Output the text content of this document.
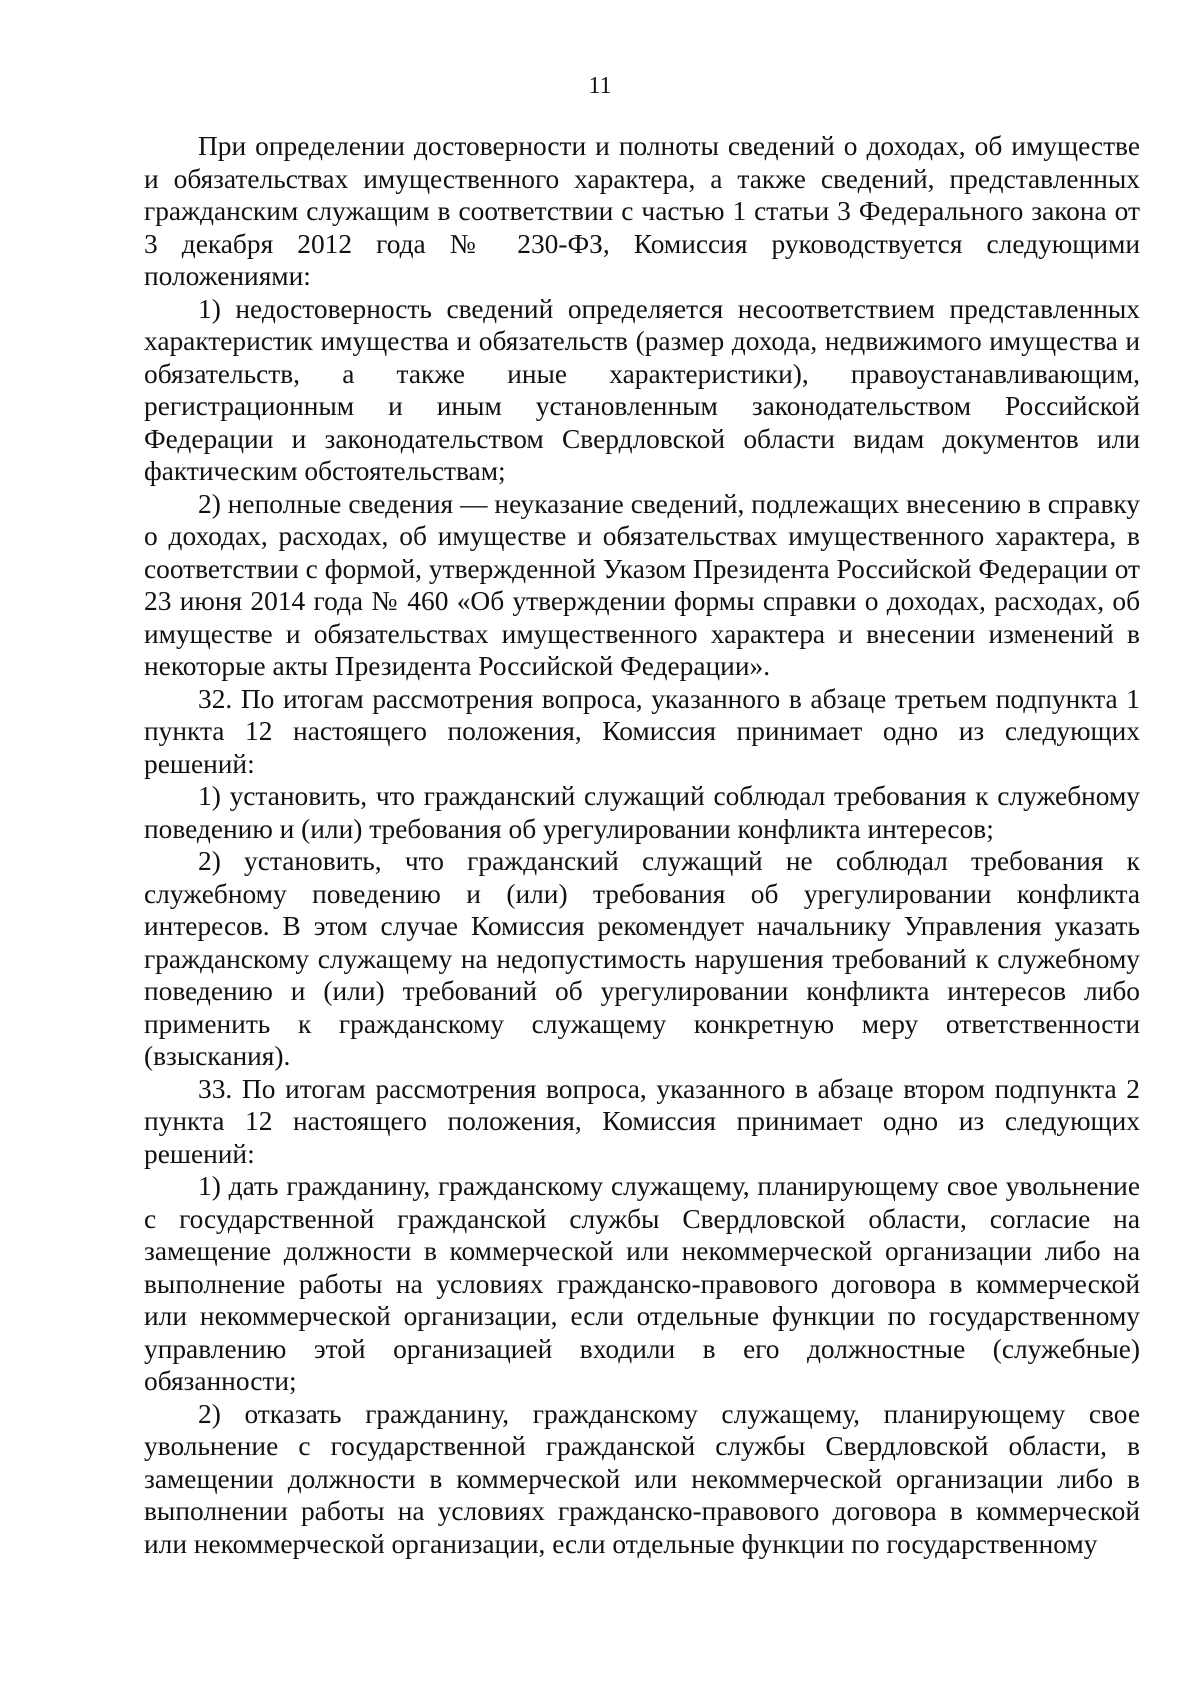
11

При определении достоверности и полноты сведений о доходах, об имуществе и обязательствах имущественного характера, а также сведений, представленных гражданским служащим в соответствии с частью 1 статьи 3 Федерального закона от 3 декабря 2012 года № 230-ФЗ, Комиссия руководствуется следующими положениями:

1) недостоверность сведений определяется несоответствием представленных характеристик имущества и обязательств (размер дохода, недвижимого имущества и обязательств, а также иные характеристики), правоустанавливающим, регистрационным и иным установленным законодательством Российской Федерации и законодательством Свердловской области видам документов или фактическим обстоятельствам;

2) неполные сведения — неуказание сведений, подлежащих внесению в справку о доходах, расходах, об имуществе и обязательствах имущественного характера, в соответствии с формой, утвержденной Указом Президента Российской Федерации от 23 июня 2014 года № 460 «Об утверждении формы справки о доходах, расходах, об имуществе и обязательствах имущественного характера и внесении изменений в некоторые акты Президента Российской Федерации».

32. По итогам рассмотрения вопроса, указанного в абзаце третьем подпункта 1 пункта 12 настоящего положения, Комиссия принимает одно из следующих решений:

1) установить, что гражданский служащий соблюдал требования к служебному поведению и (или) требования об урегулировании конфликта интересов;

2) установить, что гражданский служащий не соблюдал требования к служебному поведению и (или) требования об урегулировании конфликта интересов. В этом случае Комиссия рекомендует начальнику Управления указать гражданскому служащему на недопустимость нарушения требований к служебному поведению и (или) требований об урегулировании конфликта интересов либо применить к гражданскому служащему конкретную меру ответственности (взыскания).

33. По итогам рассмотрения вопроса, указанного в абзаце втором подпункта 2 пункта 12 настоящего положения, Комиссия принимает одно из следующих решений:

1) дать гражданину, гражданскому служащему, планирующему свое увольнение с государственной гражданской службы Свердловской области, согласие на замещение должности в коммерческой или некоммерческой организации либо на выполнение работы на условиях гражданско-правового договора в коммерческой или некоммерческой организации, если отдельные функции по государственному управлению этой организацией входили в его должностные (служебные) обязанности;

2) отказать гражданину, гражданскому служащему, планирующему свое увольнение с государственной гражданской службы Свердловской области, в замещении должности в коммерческой или некоммерческой организации либо в выполнении работы на условиях гражданско-правового договора в коммерческой или некоммерческой организации, если отдельные функции по государственному
